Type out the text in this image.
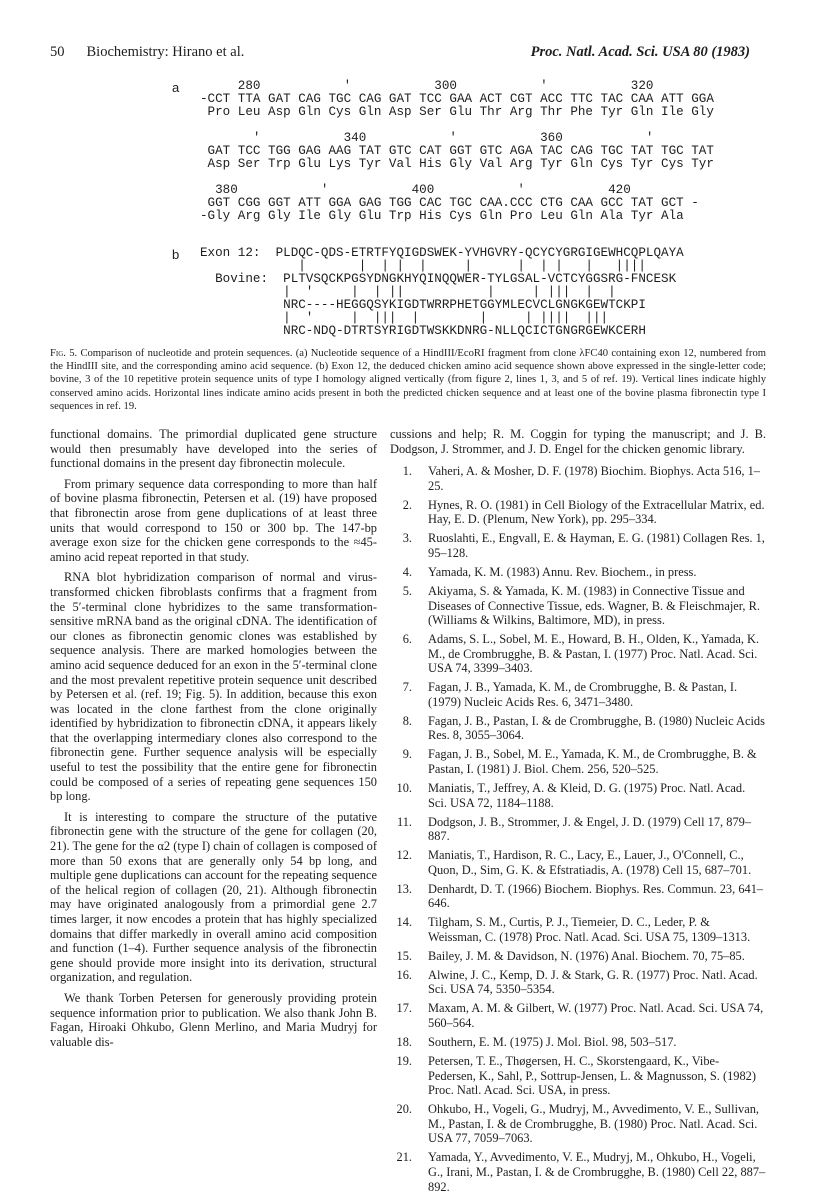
50 Biochemistry: Hirano et al.	Proc. Natl. Acad. Sci. USA 80 (1983)
a 280           '           300           '           320
-CCT TTA GAT CAG TGC CAG GAT TCC GAA ACT CGT ACC TTC TAC CAA ATT GGA
Pro Leu Asp Gln Cys Gln Asp Ser Glu Thr Arg Thr Phe Tyr Gln Ile Gly
'           340           '           360           '
GAT TCC TGG GAG AAG TAT GTC CAT GGT GTC AGA TAC CAG TGC TAT TGC TAT
Asp Ser Trp Glu Lys Tyr Val His Gly Val Arg Tyr Gln Cys Tyr Cys Tyr
380           '           400           '           420
GGT CGG GGT ATT GGA GAG TGG CAC TGC CAA.CCC CTG CAA GCC TAT GCT -
-Gly Arg Gly Ile Gly Glu Trp His Cys Gln Pro Leu Gln Ala Tyr Ala
b Exon 12:  PLDQC-QDS-ETRTFYQIGDSWEK-YVHGVRY-QCYCYGRGIGEWHCQPLQAYA
|       |  | |  |     |      |  | |   |   ||||
Bovine:  PLTVSQCKPGSYDNGKHYQINQQWER-TYLGSAL-VCTCYGGSRG-FNCESK
|  '     |  | ||           |     | |||  |  |
NRC----HEGGQSYKIGDTWRRPHETGGYMLECVCLGNGKGEWTCKPI
|  '     |  |||  |        |     | ||||  |||
NRC-NDQ-DTRTSYRIGDTWSKKDNRG-NLLQCICTGNGRGEWKCERH
Fig. 5. Comparison of nucleotide and protein sequences. (a) Nucleotide sequence of a HindIII/EcoRI fragment from clone λFC40 containing exon 12, numbered from the HindIII site, and the corresponding amino acid sequence. (b) Exon 12, the deduced chicken amino acid sequence shown above expressed in the single-letter code; bovine, 3 of the 10 repetitive protein sequence units of type I homology aligned vertically (from figure 2, lines 1, 3, and 5 of ref. 19). Vertical lines indicate highly conserved amino acids. Horizontal lines indicate amino acids present in both the predicted chicken sequence and at least one of the bovine plasma fibronectin type I sequences in ref. 19.

functional domains. The primordial duplicated gene structure would then presumably have developed into the series of functional domains in the present day fibronectin molecule.

From primary sequence data corresponding to more than half of bovine plasma fibronectin, Petersen et al. (19) have proposed that fibronectin arose from gene duplications of at least three units that would correspond to 150 or 300 bp. The 147-bp average exon size for the chicken gene corresponds to the ≈45-amino acid repeat reported in that study.

RNA blot hybridization comparison of normal and virus-transformed chicken fibroblasts confirms that a fragment from the 5′-terminal clone hybridizes to the same transformation-sensitive mRNA band as the original cDNA. The identification of our clones as fibronectin genomic clones was established by sequence analysis. There are marked homologies between the amino acid sequence deduced for an exon in the 5′-terminal clone and the most prevalent repetitive protein sequence unit described by Petersen et al. (ref. 19; Fig. 5). In addition, because this exon was located in the clone farthest from the clone originally identified by hybridization to fibronectin cDNA, it appears likely that the overlapping intermediary clones also correspond to the fibronectin gene. Further sequence analysis will be especially useful to test the possibility that the entire gene for fibronectin could be composed of a series of repeating gene sequences 150 bp long.

It is interesting to compare the structure of the putative fibronectin gene with the structure of the gene for collagen (20, 21). The gene for the α2 (type I) chain of collagen is composed of more than 50 exons that are generally only 54 bp long, and multiple gene duplications can account for the repeating sequence of the helical region of collagen (20, 21). Although fibronectin may have originated analogously from a primordial gene 2.7 times larger, it now encodes a protein that has highly specialized domains that differ markedly in overall amino acid composition and function (1–4). Further sequence analysis of the fibronectin gene should provide more insight into its derivation, structural organization, and regulation.

We thank Torben Petersen for generously providing protein sequence information prior to publication. We also thank John B. Fagan, Hiroaki Ohkubo, Glenn Merlino, and Maria Mudryj for valuable dis-

cussions and help; R. M. Coggin for typing the manuscript; and J. B. Dodgson, J. Strommer, and J. D. Engel for the chicken genomic library.

1. Vaheri, A. & Mosher, D. F. (1978) Biochim. Biophys. Acta 516, 1–25.
2. Hynes, R. O. (1981) in Cell Biology of the Extracellular Matrix, ed. Hay, E. D. (Plenum, New York), pp. 295–334.
3. Ruoslahti, E., Engvall, E. & Hayman, E. G. (1981) Collagen Res. 1, 95–128.
4. Yamada, K. M. (1983) Annu. Rev. Biochem., in press.
5. Akiyama, S. & Yamada, K. M. (1983) in Connective Tissue and Diseases of Connective Tissue, eds. Wagner, B. & Fleischmajer, R. (Williams & Wilkins, Baltimore, MD), in press.
6. Adams, S. L., Sobel, M. E., Howard, B. H., Olden, K., Yamada, K. M., de Crombrugghe, B. & Pastan, I. (1977) Proc. Natl. Acad. Sci. USA 74, 3399–3403.
7. Fagan, J. B., Yamada, K. M., de Crombrugghe, B. & Pastan, I. (1979) Nucleic Acids Res. 6, 3471–3480.
8. Fagan, J. B., Pastan, I. & de Crombrugghe, B. (1980) Nucleic Acids Res. 8, 3055–3064.
9. Fagan, J. B., Sobel, M. E., Yamada, K. M., de Crombrugghe, B. & Pastan, I. (1981) J. Biol. Chem. 256, 520–525.
10. Maniatis, T., Jeffrey, A. & Kleid, D. G. (1975) Proc. Natl. Acad. Sci. USA 72, 1184–1188.
11. Dodgson, J. B., Strommer, J. & Engel, J. D. (1979) Cell 17, 879–887.
12. Maniatis, T., Hardison, R. C., Lacy, E., Lauer, J., O'Connell, C., Quon, D., Sim, G. K. & Efstratiadis, A. (1978) Cell 15, 687–701.
13. Denhardt, D. T. (1966) Biochem. Biophys. Res. Commun. 23, 641–646.
14. Tilgham, S. M., Curtis, P. J., Tiemeier, D. C., Leder, P. & Weissman, C. (1978) Proc. Natl. Acad. Sci. USA 75, 1309–1313.
15. Bailey, J. M. & Davidson, N. (1976) Anal. Biochem. 70, 75–85.
16. Alwine, J. C., Kemp, D. J. & Stark, G. R. (1977) Proc. Natl. Acad. Sci. USA 74, 5350–5354.
17. Maxam, A. M. & Gilbert, W. (1977) Proc. Natl. Acad. Sci. USA 74, 560–564.
18. Southern, E. M. (1975) J. Mol. Biol. 98, 503–517.
19. Petersen, T. E., Thøgersen, H. C., Skorstengaard, K., Vibe-Pedersen, K., Sahl, P., Sottrup-Jensen, L. & Magnusson, S. (1982) Proc. Natl. Acad. Sci. USA, in press.
20. Ohkubo, H., Vogeli, G., Mudryj, M., Avvedimento, V. E., Sullivan, M., Pastan, I. & de Crombrugghe, B. (1980) Proc. Natl. Acad. Sci. USA 77, 7059–7063.
21. Yamada, Y., Avvedimento, V. E., Mudryj, M., Ohkubo, H., Vogeli, G., Irani, M., Pastan, I. & de Crombrugghe, B. (1980) Cell 22, 887–892.
